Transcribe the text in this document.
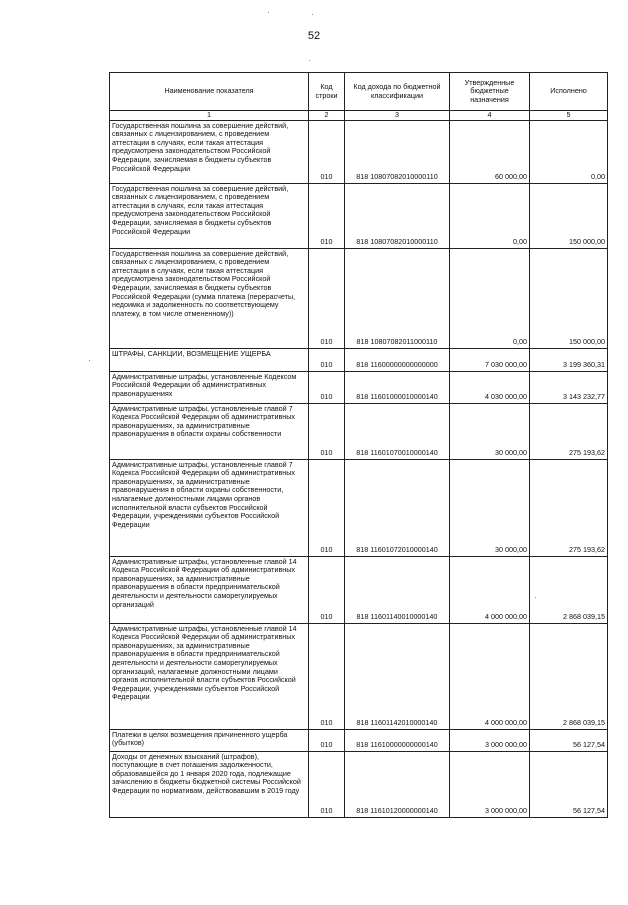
52
Наименование показателя	Код строки	Код дохода по бюджетной классификации	Утвержденные бюджетные назначения	Исполнено
1	2	3	4	5
Государственная пошлина за совершение действий, связанных с лицензированием, с проведением аттестации в случаях, если такая аттестация предусмотрена законодательством Российской Федерации, зачисляемая в бюджеты субъектов Российской Федерации	010	818 10807082010000110	60 000,00	0,00
Государственная пошлина за совершение действий, связанных с лицензированием, с проведением аттестации в случаях, если такая аттестация предусмотрена законодательством Российской Федерации, зачисляемая в бюджеты субъектов Российской Федерации	010	818 10807082010000110	0,00	150 000,00
Государственная пошлина за совершение действий, связанных с лицензированием, с проведением аттестации в случаях, если такая аттестация предусмотрена законодательством Российской Федерации, зачисляемая в бюджеты субъектов Российской Федерации (сумма платежа (перерасчеты, недоимка и задолженность по соответствующему платежу, в том числе отмененному))	010	818 10807082011000110	0,00	150 000,00
ШТРАФЫ, САНКЦИИ, ВОЗМЕЩЕНИЕ УЩЕРБА	010	818 11600000000000000	7 030 000,00	3 199 360,31
Административные штрафы, установленные Кодексом Российской Федерации об административных правонарушениях	010	818 11601000010000140	4 030 000,00	3 143 232,77
Административные штрафы, установленные главой 7 Кодекса Российской Федерации об административных правонарушениях, за административные правонарушения в области охраны собственности	010	818 11601070010000140	30 000,00	275 193,62
Административные штрафы, установленные главой 7 Кодекса Российской Федерации об административных правонарушениях, за административные правонарушения в области охраны собственности, налагаемые должностными лицами органов исполнительной власти субъектов Российской Федерации, учреждениями субъектов Российской Федерации	010	818 11601072010000140	30 000,00	275 193,62
Административные штрафы, установленные главой 14 Кодекса Российской Федерации об административных правонарушениях, за административные правонарушения в области предпринимательской деятельности и деятельности саморегулируемых организаций	010	818 11601140010000140	4 000 000,00	2 868 039,15
Административные штрафы, установленные главой 14 Кодекса Российской Федерации об административных правонарушениях, за административные правонарушения в области предпринимательской деятельности и деятельности саморегулируемых организаций, налагаемые должностными лицами органов исполнительной власти субъектов Российской Федерации, учреждениями субъектов Российской Федерации	010	818 11601142010000140	4 000 000,00	2 868 039,15
Платежи в целях возмещения причиненного ущерба (убытков)	010	818 11610000000000140	3 000 000,00	56 127,54
Доходы от денежных взысканий (штрафов), поступающие в счет погашения задолженности, образовавшейся до 1 января 2020 года, подлежащие зачислению в бюджеты бюджетной системы Российской Федерации по нормативам, действовавшим в 2019 году	010	818 11610120000000140	3 000 000,00	56 127,54
